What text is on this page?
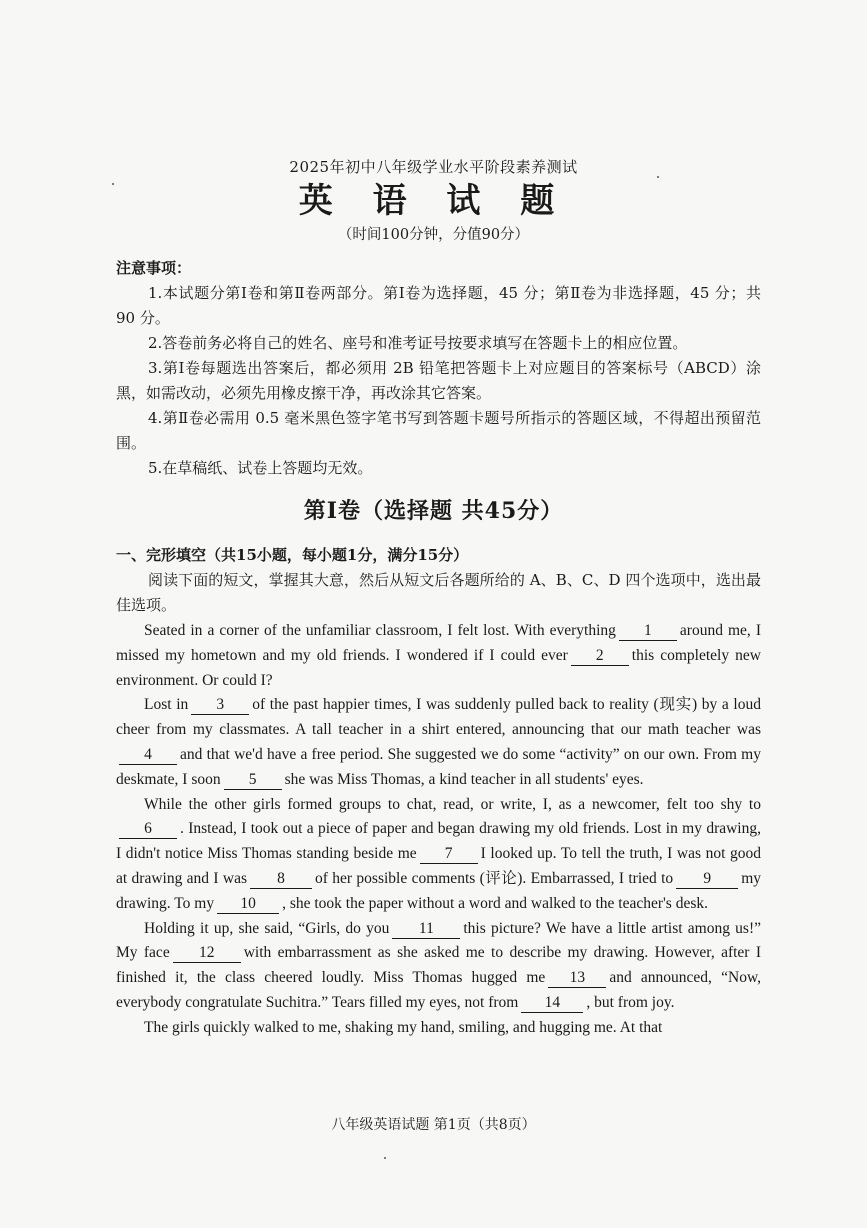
2025年初中八年级学业水平阶段素养测试
英 语 试 题
（时间100分钟，分值90分）
注意事项：
1.本试题分第Ⅰ卷和第Ⅱ卷两部分。第Ⅰ卷为选择题，45 分；第Ⅱ卷为非选择题，45 分；共 90 分。
2.答卷前务必将自己的姓名、座号和准考证号按要求填写在答题卡上的相应位置。
3.第Ⅰ卷每题选出答案后，都必须用 2B 铅笔把答题卡上对应题目的答案标号（ABCD）涂黑，如需改动，必须先用橡皮擦干净，再改涂其它答案。
4.第Ⅱ卷必需用 0.5 毫米黑色签字笔书写到答题卡题号所指示的答题区域，不得超出预留范围。
5.在草稿纸、试卷上答题均无效。
第Ⅰ卷（选择题 共45分）
一、完形填空（共15小题，每小题1分，满分15分）
阅读下面的短文，掌握其大意，然后从短文后各题所给的 A、B、C、D 四个选项中，选出最佳选项。

Seated in a corner of the unfamiliar classroom, I felt lost. With everything 1 around me, I missed my hometown and my old friends. I wondered if I could ever 2 this completely new environment. Or could I?

Lost in 3 of the past happier times, I was suddenly pulled back to reality (现实) by a loud cheer from my classmates. A tall teacher in a shirt entered, announcing that our math teacher was4 and that we'd have a free period. She suggested we do some “activity” on our own. From my deskmate, I soon 5 she was Miss Thomas, a kind teacher in all students' eyes.

While the other girls formed groups to chat, read, or write, I, as a newcomer, felt too shy to6 . Instead, I took out a piece of paper and began drawing my old friends. Lost in my drawing, I didn't notice Miss Thomas standing beside me 7 I looked up. To tell the truth, I was not good at drawing and I was 8 of her possible comments (评论). Embarrassed, I tried to 9 my drawing. To my 10 , she took the paper without a word and walked to the teacher's desk.

Holding it up, she said, “Girls, do you 11 this picture? We have a little artist among us!” My face 12 with embarrassment as she asked me to describe my drawing. However, after I finished it, the class cheered loudly. Miss Thomas hugged me 13 and announced, “Now, everybody congratulate Suchitra.” Tears filled my eyes, not from 14 , but from joy.

The girls quickly walked to me, shaking my hand, smiling, and hugging me. At that

八年级英语试题 第1页（共8页）
